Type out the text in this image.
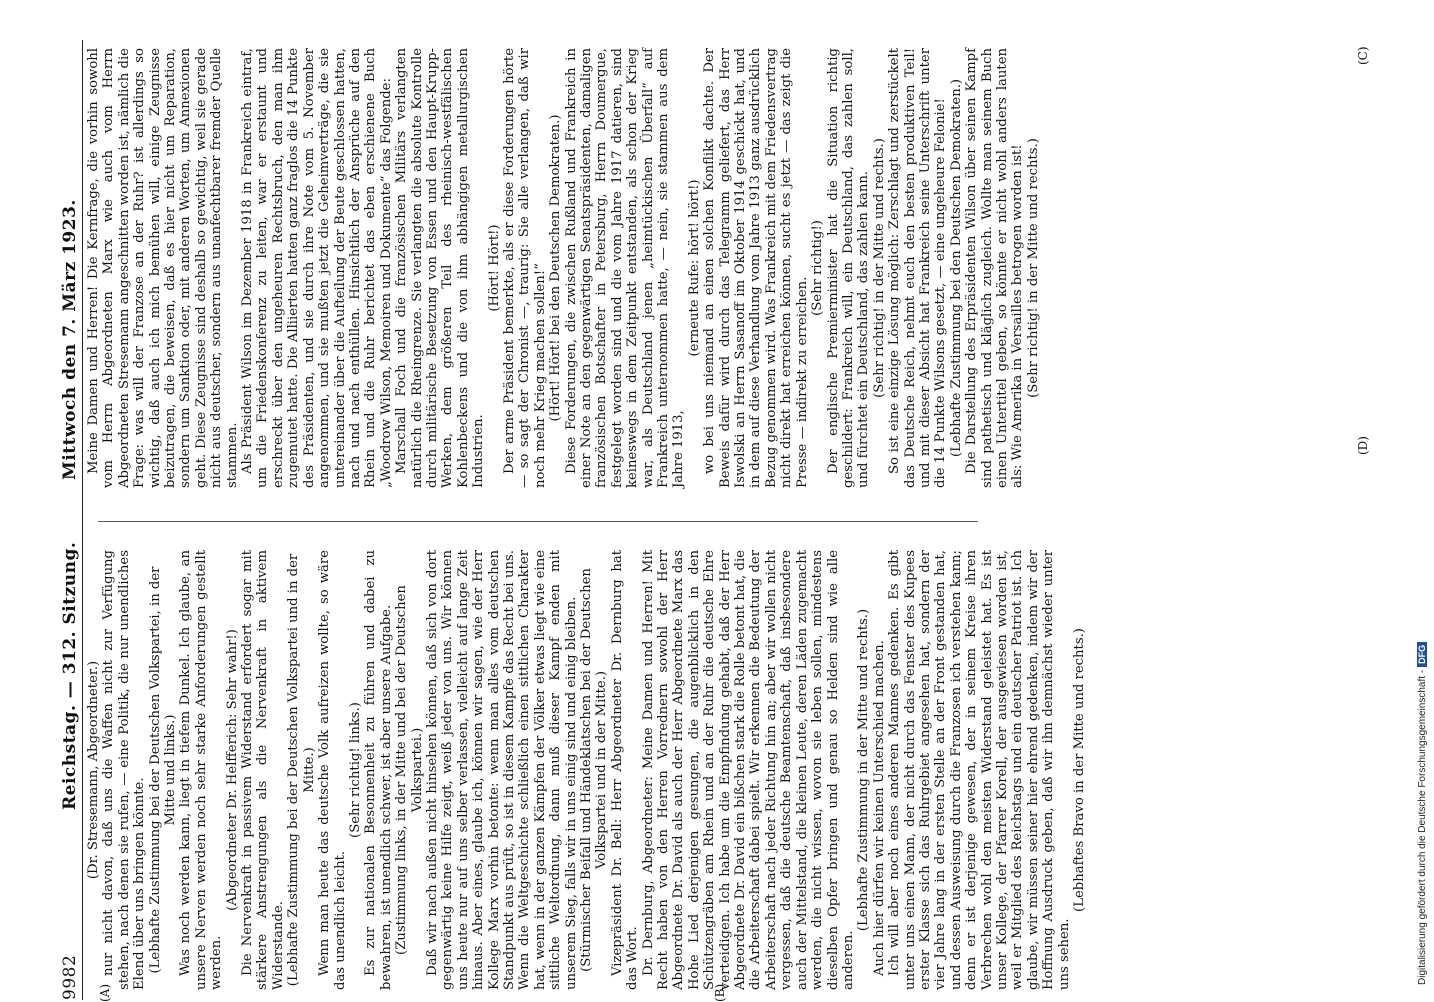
9982
Reichstag. — 312. Sitzung.
Mittwoch den 7. März 1923.

(Dr. Stresemann, Abgeordneter.) nur nicht davon, daß uns die Waffen nicht zur Verfügung stehen, nach denen sie rufen, — eine Politik, die nur unendliches Elend über uns bringen könnte. (Lebhafte Zustimmung bei der Deutschen Volkspartei, in der Mitte und links.) Was noch werden kann, liegt in tiefem Dunkel. Ich glaube, an unsere Nerven werden noch sehr starke Anforderungen gestellt werden.

(Abgeordneter Dr. Helfferich: Sehr wahr!) Die Nervenkraft in passivem Widerstand erfordert sogar mit stärkere Anstrengungen als die Nervenkraft in aktivem Widerstande. (Lebhafte Zustimmung bei der Deutschen Volkspartei und in der Mitte.) Wenn man heute das deutsche Volk aufreizen wollte, so wäre das unendlich leicht.

(Sehr richtig! links.) Es zur nationalen Besonnenheit zu führen und dabei zu bewahren, ist unendlich schwer, ist aber unsere Aufgabe. (Zustimmung links, in der Mitte und bei der Deutschen Volkspartei.) Daß wir nach außen nicht hinsehen können, daß sich von dort gegenwärtig keine Hilfe zeigt, weiß jeder von uns. Wir können uns heute nur auf uns selber verlassen, vielleicht auf lange Zeit hinaus. Aber eines, glaube ich, können wir sagen, wie der Herr Kollege Marx vorhin betonte: wenn man alles vom deutschen Standpunkt aus prüft, so ist in diesem Kampfe das Recht bei uns. Wenn die Weltgeschichte schließlich einen sittlichen Charakter hat, wenn in der ganzen Kämpfen der Völker etwas liegt wie eine sittliche Weltordnung, dann muß dieser Kampf enden mit unserem Sieg, falls wir in uns einig sind und einig bleiben. (Stürmischer Beifall und Händeklatschen bei der Deutschen Volkspartei und in der Mitte.) Vizepräsident Dr. Bell: Herr Abgeordneter Dr. Dernburg hat das Wort. Dr. Dernburg, Abgeordneter: Meine Damen und Herren! Mit Recht haben von den Herren Vorrednern sowohl der Herr Abgeordnete Dr. David als auch der Herr Abgeordnete Marx das Hohe Lied derjenigen gesungen, die augenblicklich in den Schützengräben am Rhein und an der Ruhr die deutsche Ehre verteidigen. Ich habe um die Empfindung gehabt, daß der Herr Abgeordnete Dr. David ein bißchen stark die Rolle betont hat, die die Arbeiterschaft dabei spielt. Wir erkennen die Bedeutung der Arbeiterschaft nach jeder Richtung hin an; aber wir wollen nicht vergessen, daß die deutsche Beamtenschaft, daß insbesondere auch der Mittelstand, die kleinen Leute, deren Läden zugemacht werden, die nicht wissen, wovon sie leben sollen, mindestens dieselben Opfer bringen und genau so Helden sind wie alle anderen.

(Lebhafte Zustimmung in der Mitte und rechts.) Auch hier dürfen wir keinen Unterschied machen. Ich will aber noch eines anderen Mannes gedenken. Es gibt unter uns einen Mann, der nicht durch das Fenster des Kupees erster Klasse sich das Ruhrgebiet angesehen hat, sondern der vier Jahre lang in der ersten Stelle an der Front gestanden hat, und dessen Ausweisung durch die Franzosen ich verstehen kann; denn er ist derjenige gewesen, der in seinem Kreise ihren Verbrechen wohl den meisten Widerstand geleistet hat. Es ist unser Kollege, der Pfarrer Korell, der ausgewiesen worden ist, weil er Mitglied des Reichstags und ein deutscher Patriot ist. Ich glaube, wir müssen seiner hier ehrend gedenken, indem wir der Hoffnung Ausdruck geben, daß wir ihn demnächst wieder unter uns sehen.

(Lebhaftes Bravo in der Mitte und rechts.)

Meine Damen und Herren! Die Kernfrage, die vorhin sowohl vom Herrn Abgeordneten Marx wie auch vom Herrn Abgeordneten Stresemann angeschnitten worden ist, nämlich die Frage: was will der Franzose an der Ruhr? ist allerdings so wichtig, daß auch ich mich bemühen will, einige Zeugnisse beizutragen, die beweisen, daß es hier nicht um Reparation, sondern um Sanktion oder, mit anderen Worten, um Annexionen geht. Diese Zeugnisse sind deshalb so gewichtig, weil sie gerade nicht aus deutscher, sondern aus unanfechtbarer fremder Quelle stammen. Als Präsident Wilson im Dezember 1918 in Frankreich eintraf, um die Friedenskonferenz zu leiten, war er erstaunt und erschreckt über den ungeheuren Rechtsbruch, den man ihm zugemutet hatte. Die Alliierten hatten ganz fraglos die 14 Punkte des Präsidenten, und sie durch ihre Note vom 5. November angenommen, und sie mußten jetzt die Geheimverträge, die sie untereinander über die Aufteilung der Beute geschlossen hatten, nach und nach enthüllen. Hinsichtlich der Ansprüche auf den Rhein und die Ruhr berichtet das eben erschienene Buch „Woodrow Wilson, Memoiren und Dokumente“ das Folgende: Marschall Foch und die französischen Militärs verlangten natürlich die Rheingrenze. Sie verlangten die absolute Kontrolle durch militärische Besetzung von Essen und den Haupt-Krupp-Werken, dem größeren Teil des rheinisch-westfälischen Kohlenbeckens und die von ihm abhängigen metallurgischen Industrien.

(Hört! Hört!) Der arme Präsident bemerkte, als er diese Forderungen hörte — so sagt der Chronist —, traurig: Sie alle verlangen, daß wir noch mehr Krieg machen sollen!“ (Hört! Hört! bei den Deutschen Demokraten.) Diese Forderungen, die zwischen Rußland und Frankreich in einer Note an den gegenwärtigen Senatspräsidenten, damaligen französischen Botschafter in Petersburg, Herrn Doumergue, festgelegt worden sind und die vom Jahre 1917 datieren, sind keineswegs in dem Zeitpunkt entstanden, als schon der Krieg war, als Deutschland jenen „heimtückischen Überfall“ auf Frankreich unternommen hatte, — nein, sie stammen aus dem Jahre 1913,

(erneute Rufe: hört! hört!) wo bei uns niemand an einen solchen Konflikt dachte. Der Beweis dafür wird durch das Telegramm geliefert, das Herr Iswolski an Herrn Sasanoff im Oktober 1914 geschickt hat, und in dem auf diese Verhandlung vom Jahre 1913 ganz ausdrücklich Bezug genommen wird. Was Frankreich mit dem Friedensvertrag nicht direkt hat erreichen können, sucht es jetzt — das zeigt die Presse — indirekt zu erreichen.

(Sehr richtig!) Der englische Premierminister hat die Situation richtig geschildert: Frankreich will, ein Deutschland, das zahlen soll, und fürchtet ein Deutschland, das zahlen kann. (Sehr richtig! in der Mitte und rechts.) So ist eine einzige Lösung möglich: Zerschlagt und zerstückelt das Deutsche Reich, nehmt euch den besten produktiven Teil! und mit dieser Absicht hat Frankreich seine Unterschrift unter die 14 Punkte Wilsons gesetzt, — eine ungeheure Felonie! (Lebhafte Zustimmung bei den Deutschen Demokraten.) Die Darstellung des Erpräsidenten Wilson über seinen Kampf sind pathetisch und kläglich zugleich. Wollte man seinem Buch einen Untertitel geben, so könnte er nicht wohl anders lauten als: Wie Amerika in Versailles betrogen worden ist! (Sehr richtig! in der Mitte und rechts.)

(A)	(B)
(C)
(D)
Digitalisierung gefördert durch die Deutsche Forschungsgemeinschaft -DFG
